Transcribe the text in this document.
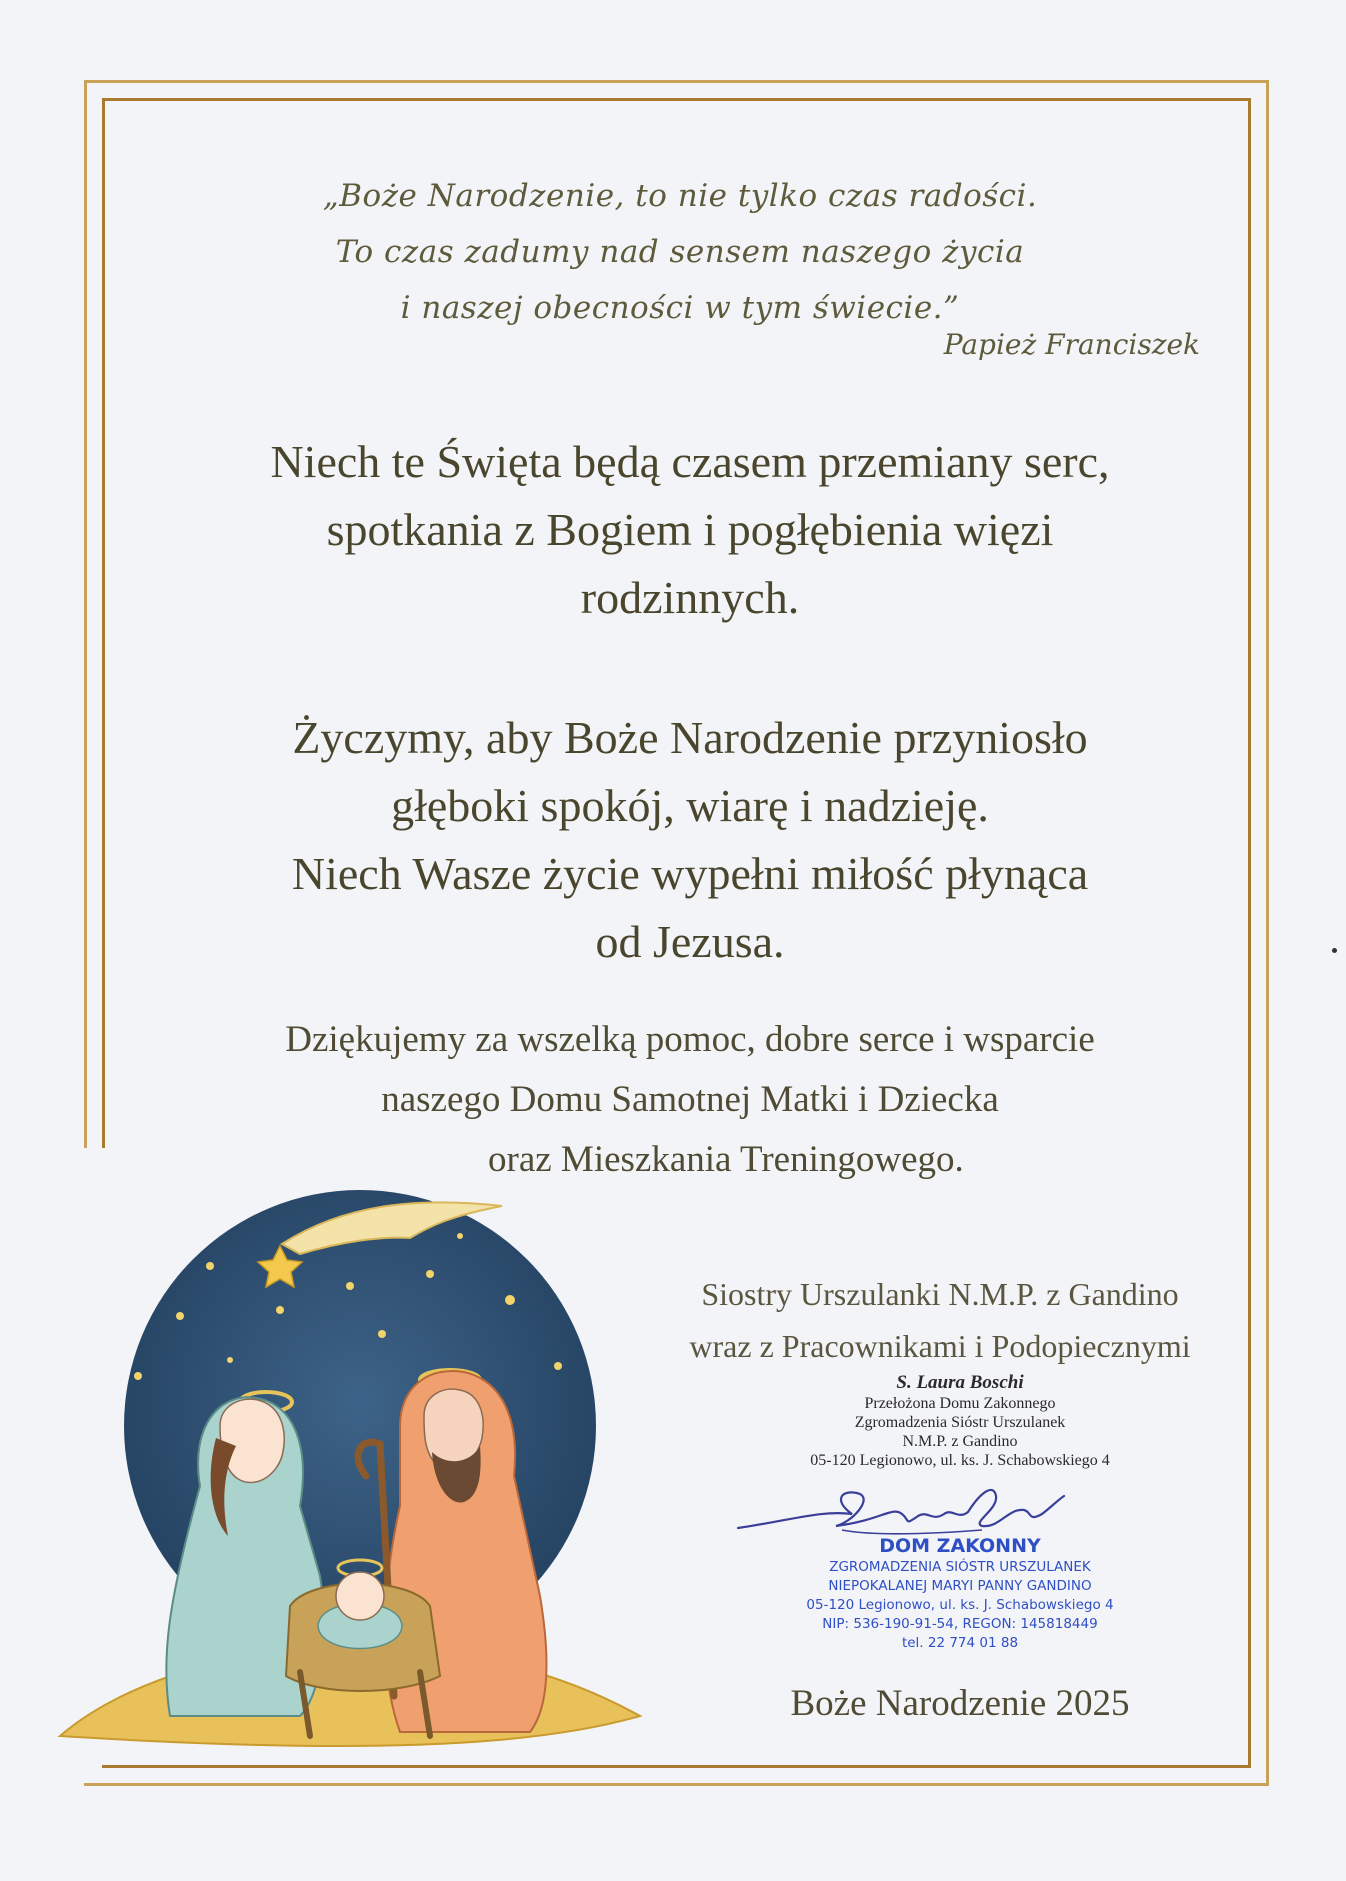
„Boże Narodzenie, to nie tylko czas radości.
To czas zadumy nad sensem naszego życia
i naszej obecności w tym świecie.”
Papież Franciszek
Niech te Święta będą czasem przemiany serc,
spotkania z Bogiem i pogłębienia więzi
rodzinnych.
Życzymy, aby Boże Narodzenie przyniosło
głęboki spokój, wiarę i nadzieję.
Niech Wasze życie wypełni miłość płynąca
od Jezusa.
Dziękujemy za wszelką pomoc, dobre serce i wsparcie
naszego Domu Samotnej Matki i Dziecka
oraz Mieszkania Treningowego.
Siostry Urszulanki N.M.P. z Gandino
wraz z Pracownikami i Podopiecznymi
S. Laura Boschi
Przełożona Domu Zakonnego
Zgromadzenia Sióstr Urszulanek
N.M.P. z Gandino
05-120 Legionowo, ul. ks. J. Schabowskiego 4
DOM ZAKONNY
ZGROMADZENIA SIÓSTR URSZULANEK
NIEPOKALANEJ MARYI PANNY GANDINO
05-120 Legionowo, ul. ks. J. Schabowskiego 4
NIP: 536-190-91-54, REGON: 145818449
tel. 22 774 01 88
Boże Narodzenie 2025
